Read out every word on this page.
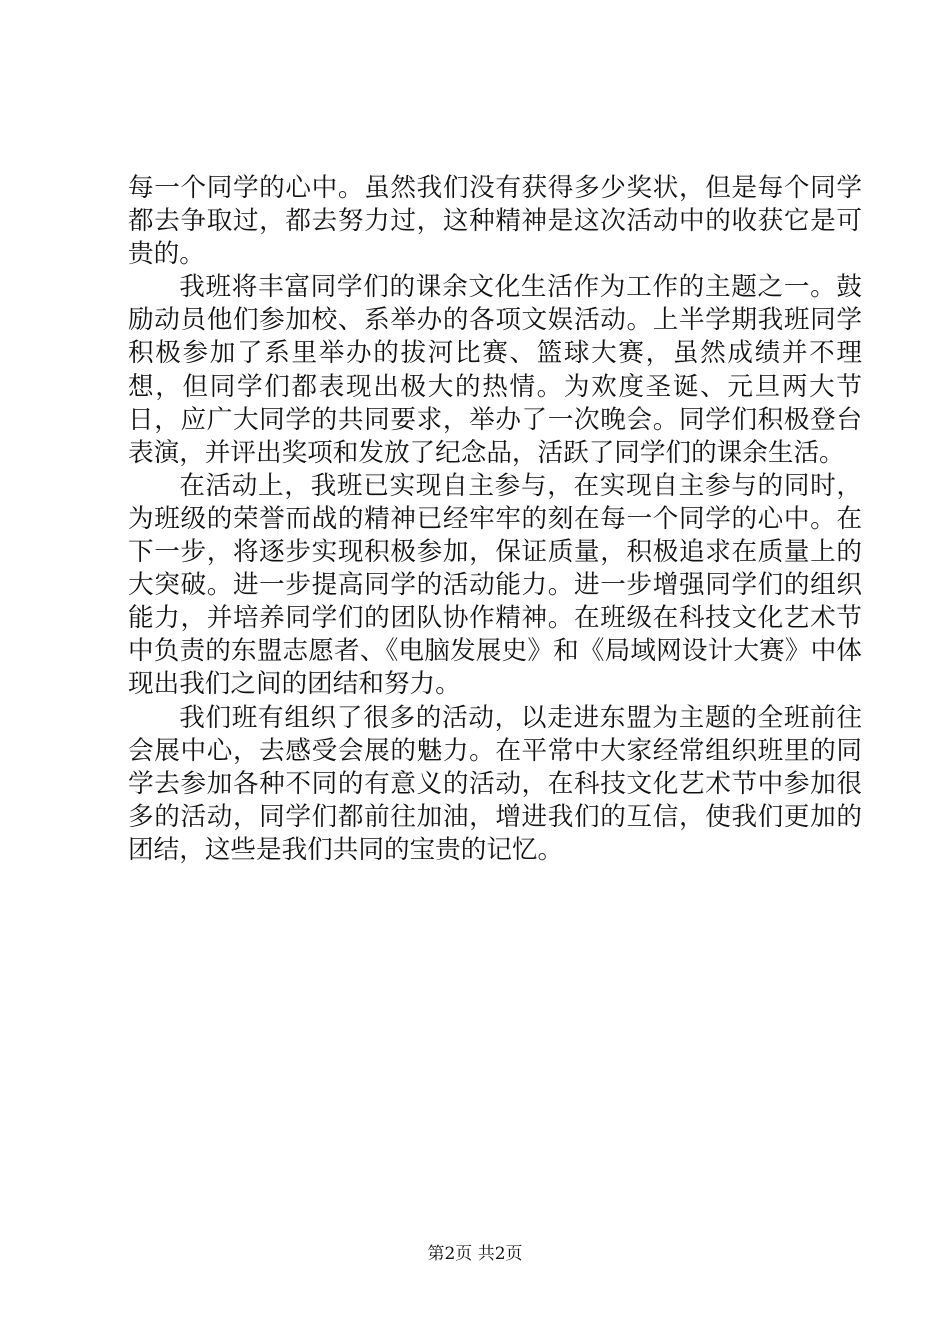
每一个同学的心中。虽然我们没有获得多少奖状，但是每个同学都去争取过，都去努力过，这种精神是这次活动中的收获它是可贵的。

我班将丰富同学们的课余文化生活作为工作的主题之一。鼓励动员他们参加校、系举办的各项文娱活动。上半学期我班同学积极参加了系里举办的拔河比赛、篮球大赛，虽然成绩并不理想，但同学们都表现出极大的热情。为欢度圣诞、元旦两大节日，应广大同学的共同要求，举办了一次晚会。同学们积极登台表演，并评出奖项和发放了纪念品，活跃了同学们的课余生活。

在活动上，我班已实现自主参与，在实现自主参与的同时，为班级的荣誉而战的精神已经牢牢的刻在每一个同学的心中。在下一步，将逐步实现积极参加，保证质量，积极追求在质量上的大突破。进一步提高同学的活动能力。进一步增强同学们的组织能力，并培养同学们的团队协作精神。在班级在科技文化艺术节中负责的东盟志愿者、《电脑发展史》和《局域网设计大赛》中体现出我们之间的团结和努力。

我们班有组织了很多的活动，以走进东盟为主题的全班前往会展中心，去感受会展的魅力。在平常中大家经常组织班里的同学去参加各种不同的有意义的活动，在科技文化艺术节中参加很多的活动，同学们都前往加油，增进我们的互信，使我们更加的团结，这些是我们共同的宝贵的记忆。

第2页 共2页
